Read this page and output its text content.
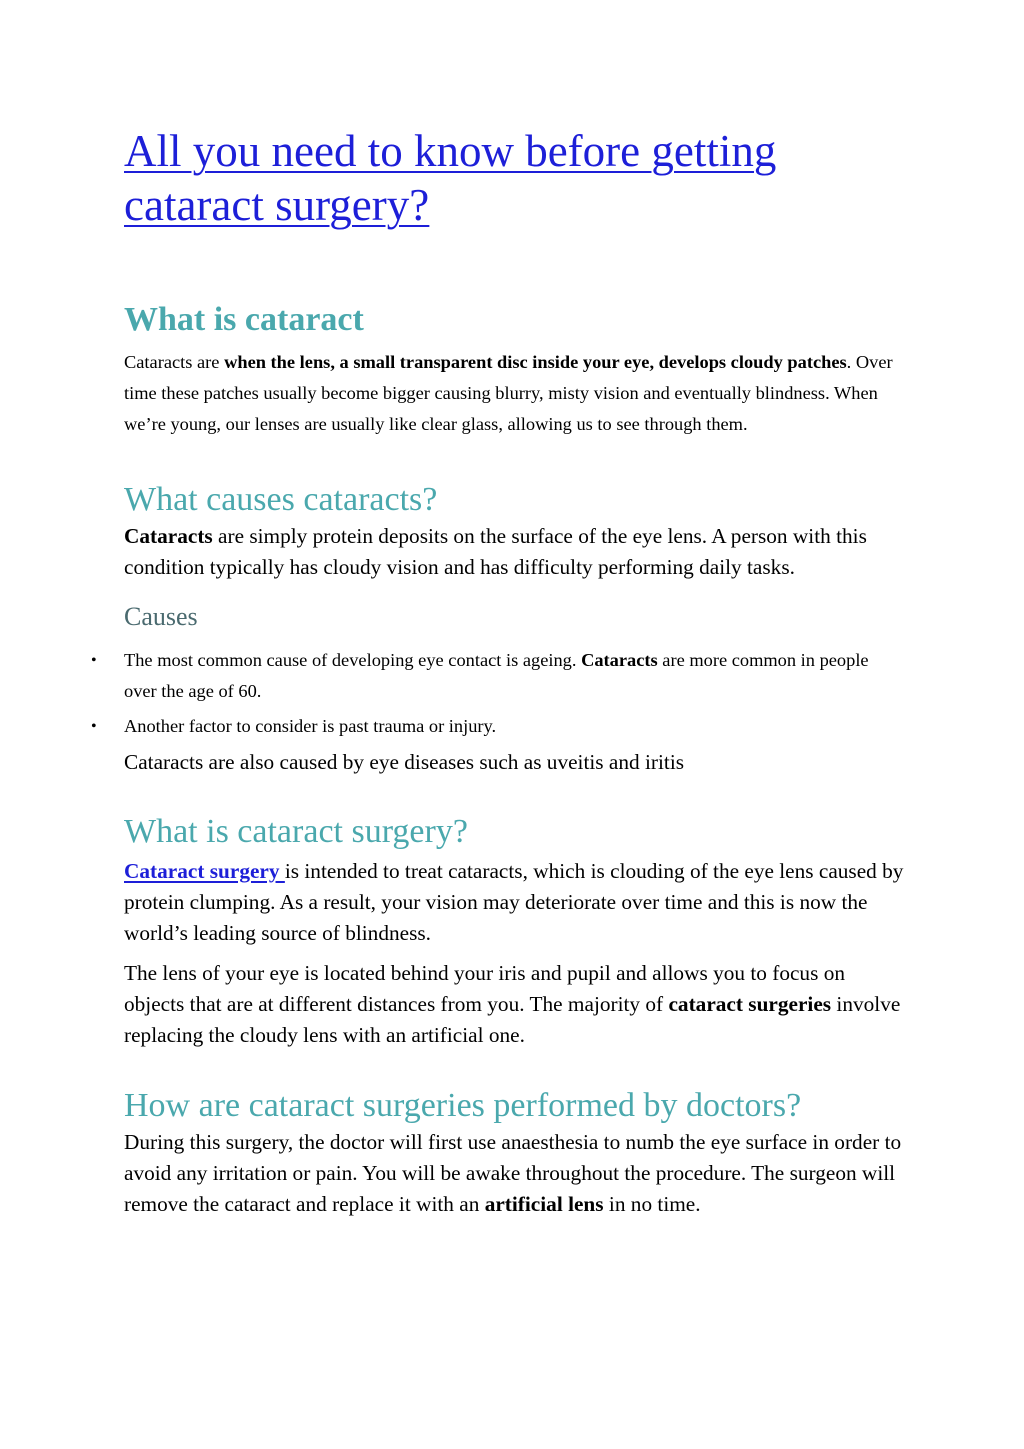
All you need to know before getting
cataract surgery?
What is cataract

Cataracts are when the lens, a small transparent disc inside your eye, develops cloudy patches. Over time these patches usually become bigger causing blurry, misty vision and eventually blindness. When we’re young, our lenses are usually like clear glass, allowing us to see through them.

What causes cataracts?

Cataracts are simply protein deposits on the surface of the eye lens. A person with this condition typically has cloudy vision and has difficulty performing daily tasks.

Causes
• The most common cause of developing eye contact is ageing. Cataracts are more common in people over the age of 60.
• Another factor to consider is past trauma or injury.

Cataracts are also caused by eye diseases such as uveitis and iritis

What is cataract surgery?

Cataract surgery is intended to treat cataracts, which is clouding of the eye lens caused by protein clumping. As a result, your vision may deteriorate over time and this is now the world’s leading source of blindness.

The lens of your eye is located behind your iris and pupil and allows you to focus on objects that are at different distances from you. The majority of cataract surgeries involve replacing the cloudy lens with an artificial one.

How are cataract surgeries performed by doctors?

During this surgery, the doctor will first use anaesthesia to numb the eye surface in order to avoid any irritation or pain. You will be awake throughout the procedure. The surgeon will remove the cataract and replace it with an artificial lens in no time.
